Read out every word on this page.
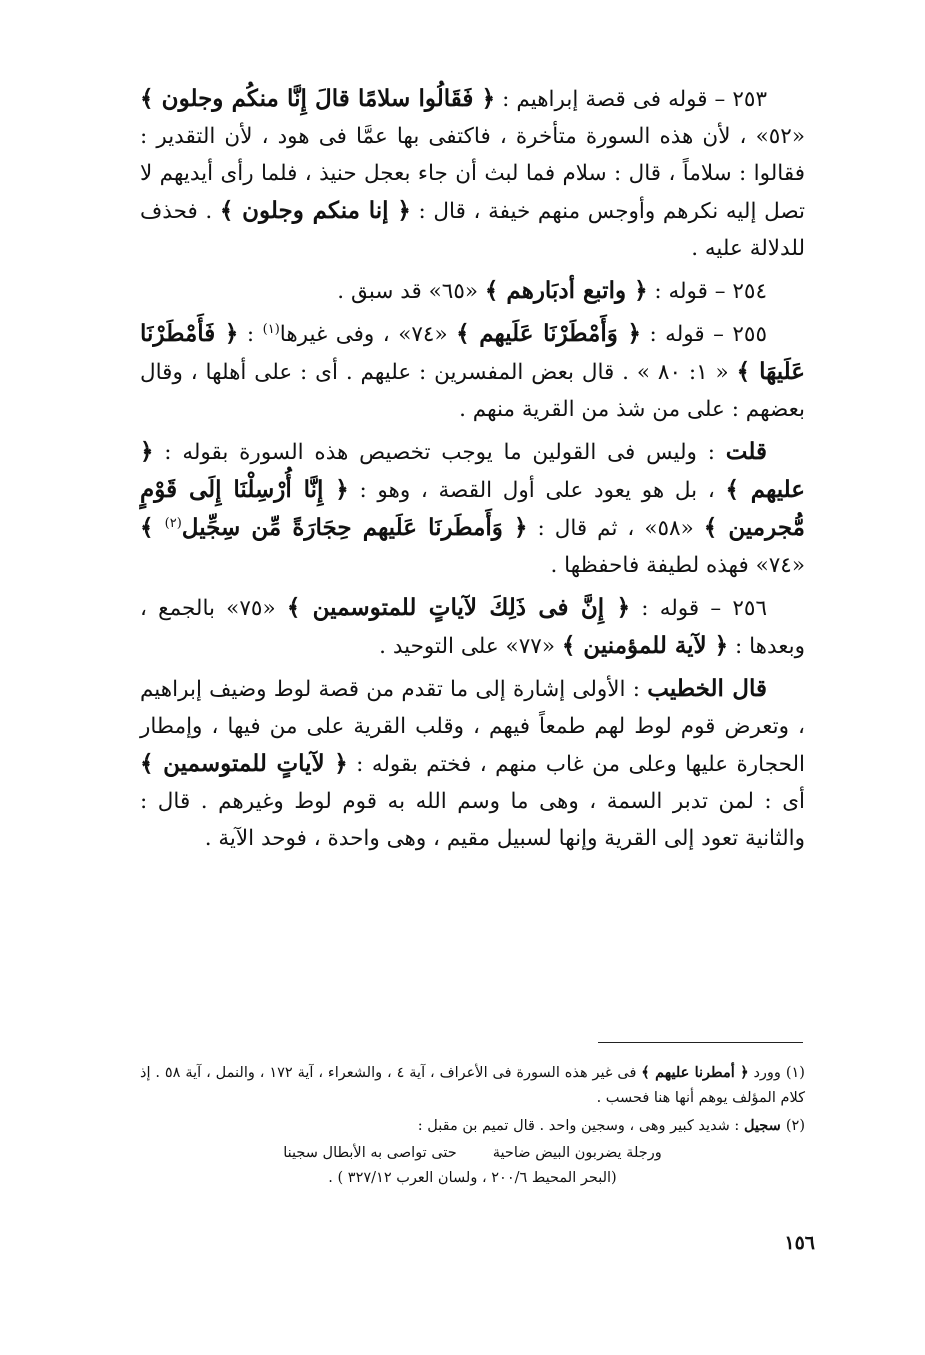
٢٥٣ – قوله فى قصة إبراهيم : ﴿ فَقَالُوا سلامًا قالَ إِنَّا منكُم وجلون ﴾ «٥٢» ، لأن هذه السورة متأخرة ، فاكتفى بها عمَّا فى هود ، لأن التقدير : فقالوا : سلاماً ، قال : سلام فما لبث أن جاء بعجل حنيذ ، فلما رأى أيديهم لا تصل إليه نكرهم وأوجس منهم خيفة ، قال : ﴿ إنا منكم وجلون ﴾ . فحذف للدلالة عليه .

٢٥٤ – قوله : ﴿ واتبع أدبَارهم ﴾ «٦٥» قد سبق .

٢٥٥ – قوله : ﴿ وَأَمْطَرْنَا عَلَيهم ﴾ «٧٤» ، وفى غيرها$^{(١)}$ : ﴿ فَأَمْطَرْنَا عَلَيهَا ﴾ « ١: ٨٠ » . قال بعض المفسرين : عليهم . أى : على أهلها ، وقال بعضهم : على من شذ من القرية منهم .

قلت : وليس فى القولين ما يوجب تخصيص هذه السورة بقوله : ﴿ عليهم ﴾ ، بل هو يعود على أول القصة ، وهو : ﴿ إِنَّا أُرْسِلْنَا إِلَى قَوْمٍ مُّجرمين ﴾ «٥٨» ، ثم قال : ﴿ وَأَمطَرنَا عَلَيهم حِجَارَةً مِّن سِجِّيل$^{(٢)}$ ﴾ «٧٤» فهذه لطيفة فاحفظها .

٢٥٦ – قوله : ﴿ إِنَّ فى ذَلِكَ لآياتٍ للمتوسمين ﴾ «٧٥» بالجمع ، وبعدها : ﴿ لآية للمؤمنين ﴾ «٧٧» على التوحيد .

قال الخطيب : الأولى إشارة إلى ما تقدم من قصة لوط وضيف إبراهيم ، وتعرض قوم لوط لهم طمعاً فيهم ، وقلب القرية على من فيها ، وإمطار الحجارة عليها وعلى من غاب منهم ، فختم بقوله : ﴿ لآياتٍ للمتوسمين ﴾ أى : لمن تدبر السمة ، وهى ما وسم الله به قوم لوط وغيرهم . قال : والثانية تعود إلى القرية وإنها لسبيل مقيم ، وهى واحدة ، فوحد الآية .

(١) وورد ﴿ أمطرنا عليهم ﴾ فى غير هذه السورة فى الأعراف ، آية ٤ ، والشعراء ، آية ١٧٢ ، والنمل ، آية ٥٨ . إذ كلام المؤلف يوهم أنها هنا فحسب .

(٢) سجيل : شديد كبير وهى ، وسجين واحد . قال تميم بن مقبل :

ورجلة يضربون البيض ضاحيةحتى تواصى به الأبطال سجينا

(البحر المحيط ٢٠٠/٦ ، ولسان العرب ٣٢٧/١٢ ) .

١٥٦
